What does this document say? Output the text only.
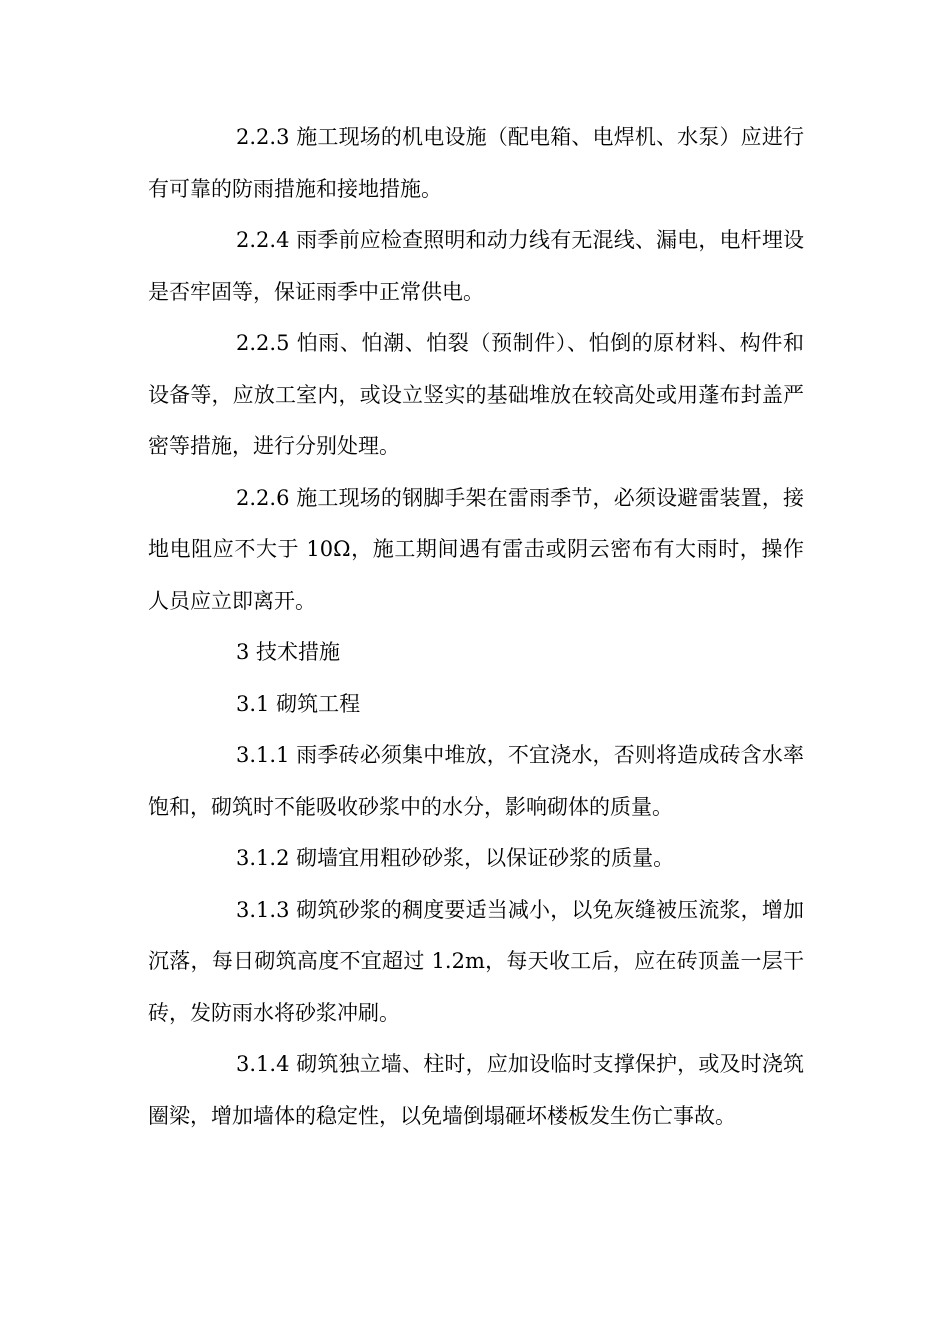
2.2.3 施工现场的机电设施（配电箱、电焊机、水泵）应进行有可靠的防雨措施和接地措施。

2.2.4 雨季前应检查照明和动力线有无混线、漏电，电杆埋设是否牢固等，保证雨季中正常供电。

2.2.5 怕雨、怕潮、怕裂（预制件）、怕倒的原材料、构件和设备等，应放工室内，或设立竖实的基础堆放在较高处或用蓬布封盖严密等措施，进行分别处理。

2.2.6 施工现场的钢脚手架在雷雨季节，必须设避雷装置，接地电阻应不大于 10Ω，施工期间遇有雷击或阴云密布有大雨时，操作人员应立即离开。

3 技术措施

3.1 砌筑工程

3.1.1 雨季砖必须集中堆放，不宜浇水，否则将造成砖含水率饱和，砌筑时不能吸收砂浆中的水分，影响砌体的质量。

3.1.2 砌墙宜用粗砂砂浆，以保证砂浆的质量。

3.1.3 砌筑砂浆的稠度要适当减小，以免灰缝被压流浆，增加沉落，每日砌筑高度不宜超过 1.2m，每天收工后，应在砖顶盖一层干砖，发防雨水将砂浆冲刷。

3.1.4 砌筑独立墙、柱时，应加设临时支撑保护，或及时浇筑圈梁，增加墙体的稳定性，以免墙倒塌砸坏楼板发生伤亡事故。
